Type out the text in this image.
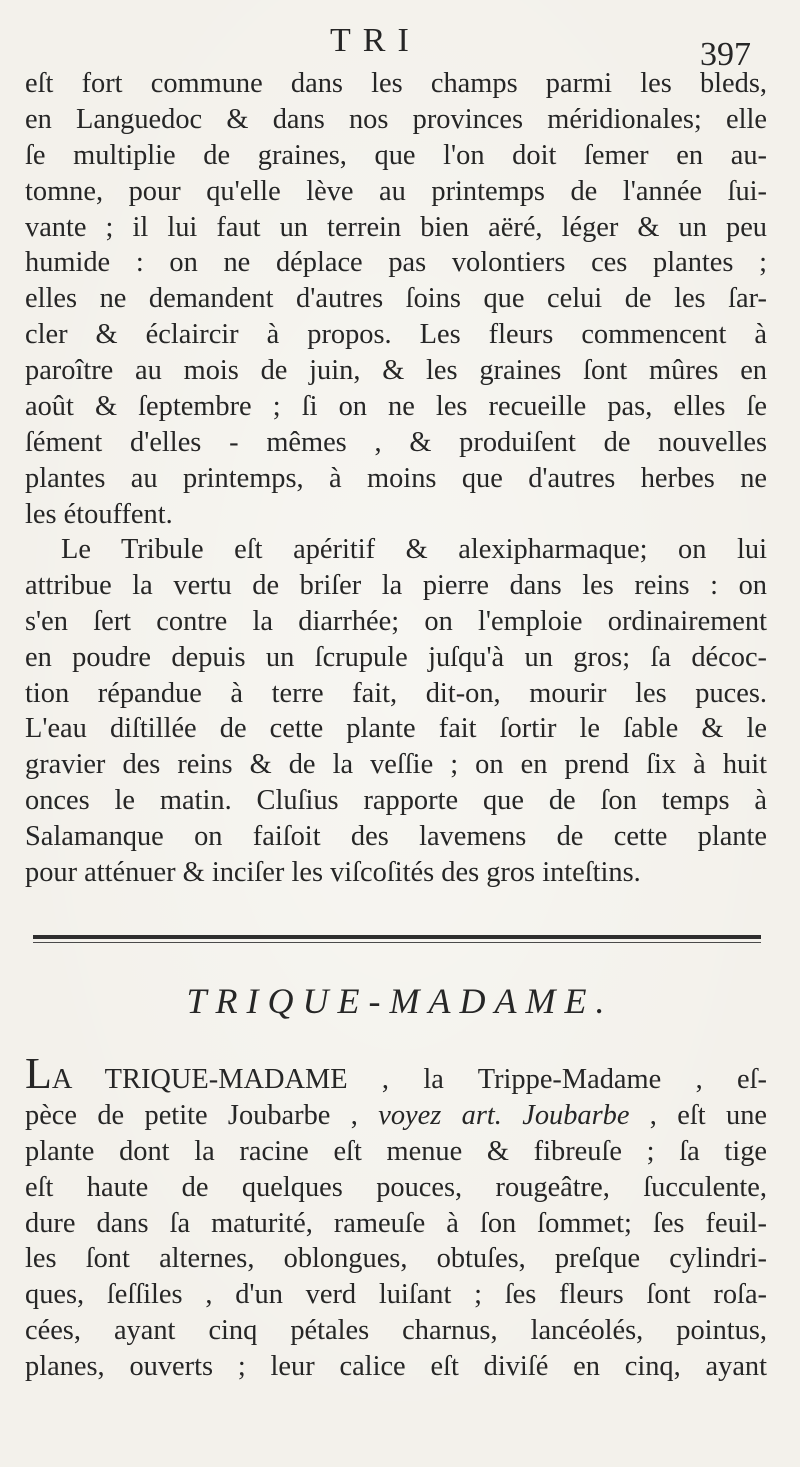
TRI	397
eſt fort commune dans les champs parmi les bleds,
en Languedoc & dans nos provinces méridionales; elle
ſe multiplie de graines, que l'on doit ſemer en au-
tomne, pour qu'elle lève au printemps de l'année ſui-
vante ; il lui faut un terrein bien aëré, léger & un peu
humide : on ne déplace pas volontiers ces plantes ;
elles ne demandent d'autres ſoins que celui de les ſar-
cler & éclaircir à propos. Les fleurs commencent à
paroître au mois de juin, & les graines ſont mûres en
août & ſeptembre ; ſi on ne les recueille pas, elles ſe
ſément d'elles - mêmes , & produiſent de nouvelles
plantes au printemps, à moins que d'autres herbes ne
les étouffent.
Le Tribule eſt apéritif & alexipharmaque; on lui
attribue la vertu de briſer la pierre dans les reins : on
s'en ſert contre la diarrhée; on l'emploie ordinairement
en poudre depuis un ſcrupule juſqu'à un gros; ſa décoc-
tion répandue à terre fait, dit-on, mourir les puces.
L'eau diſtillée de cette plante fait ſortir le ſable & le
gravier des reins & de la veſſie ; on en prend ſix à huit
onces le matin. Cluſius rapporte que de ſon temps à
Salamanque on faiſoit des lavemens de cette plante
pour atténuer & inciſer les viſcoſités des gros inteſtins.
TRIQUE-MADAME.
LA TRIQUE-MADAME , la Trippe-Madame , eſ-
pèce de petite Joubarbe , voyez art. Joubarbe , eſt une
plante dont la racine eſt menue & fibreuſe ; ſa tige
eſt haute de quelques pouces, rougeâtre, ſucculente,
dure dans ſa maturité, rameuſe à ſon ſommet; ſes feuil-
les ſont alternes, oblongues, obtuſes, preſque cylindri-
ques, ſeſſiles , d'un verd luiſant ; ſes fleurs ſont roſa-
cées, ayant cinq pétales charnus, lancéolés, pointus,
planes, ouverts ; leur calice eſt diviſé en cinq, ayant
